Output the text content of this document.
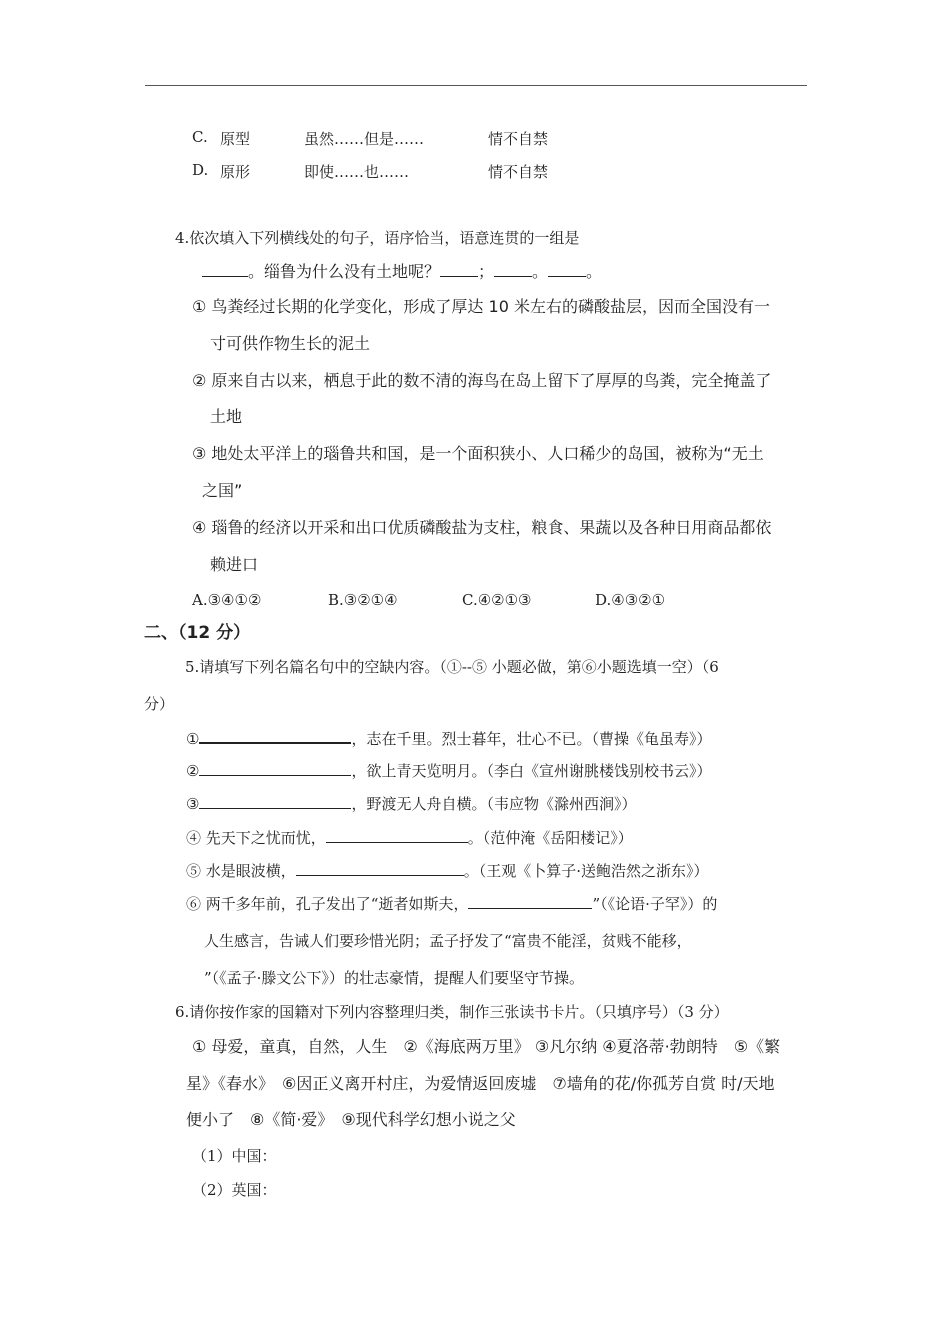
C. 原型	虽然……但是……	情不自禁
D. 原形	即使……也……	情不自禁
4.依次填入下列横线处的句子，语序恰当，语意连贯的一组是
。缁鲁为什么没有土地呢？ ； 。 。
① 鸟粪经过长期的化学变化，形成了厚达 10 米左右的磷酸盐层，因而全国没有一
寸可供作物生长的泥土
② 原来自古以来，栖息于此的数不清的海鸟在岛上留下了厚厚的鸟粪，完全掩盖了
土地
③ 地处太平洋上的瑙鲁共和国，是一个面积狭小、人口稀少的岛国，被称为“无土
之国”
④ 瑙鲁的经济以开采和出口优质磷酸盐为支柱，粮食、果蔬以及各种日用商品都依
赖进口
A.③④①②	B.③②①④	C.④②①③	D.④③②①
二、（12 分）
5.请填写下列名篇名句中的空缺内容。（①--⑤ 小题必做，第⑥小题选填一空）（6
分）
①	，志在千里。烈士暮年，壮心不已。（曹操《龟虽寿》）
②	，欲上青天览明月。（李白《宣州谢朓楼饯别校书云》）
③	，野渡无人舟自横。（韦应物《滁州西涧》）
④ 先天下之忧而忧，	。（范仲淹《岳阳楼记》）
⑤ 水是眼波横，	。（王观《卜算子·送鲍浩然之浙东》）
⑥ 两千多年前，孔子发出了“逝者如斯夫，	”（《论语·子罕》）的
人生感言，告诫人们要珍惜光阴；孟子抒发了“富贵不能淫，贫贱不能移，
”（《孟子·滕文公下》）的壮志豪情，提醒人们要坚守节操。
6.请你按作家的国籍对下列内容整理归类，制作三张读书卡片。（只填序号）（3 分）
① 母爱，童真，自然，人生　②《海底两万里》 ③凡尔纳 ④夏洛蒂·勃朗特　⑤《繁
星》《春水》　⑥因正义离开村庄，为爱情返回废墟　⑦墙角的花/你孤芳自赏 时/天地
便小了　⑧《简·爱》　⑨现代科学幻想小说之父
（1）中国：
（2）英国：
